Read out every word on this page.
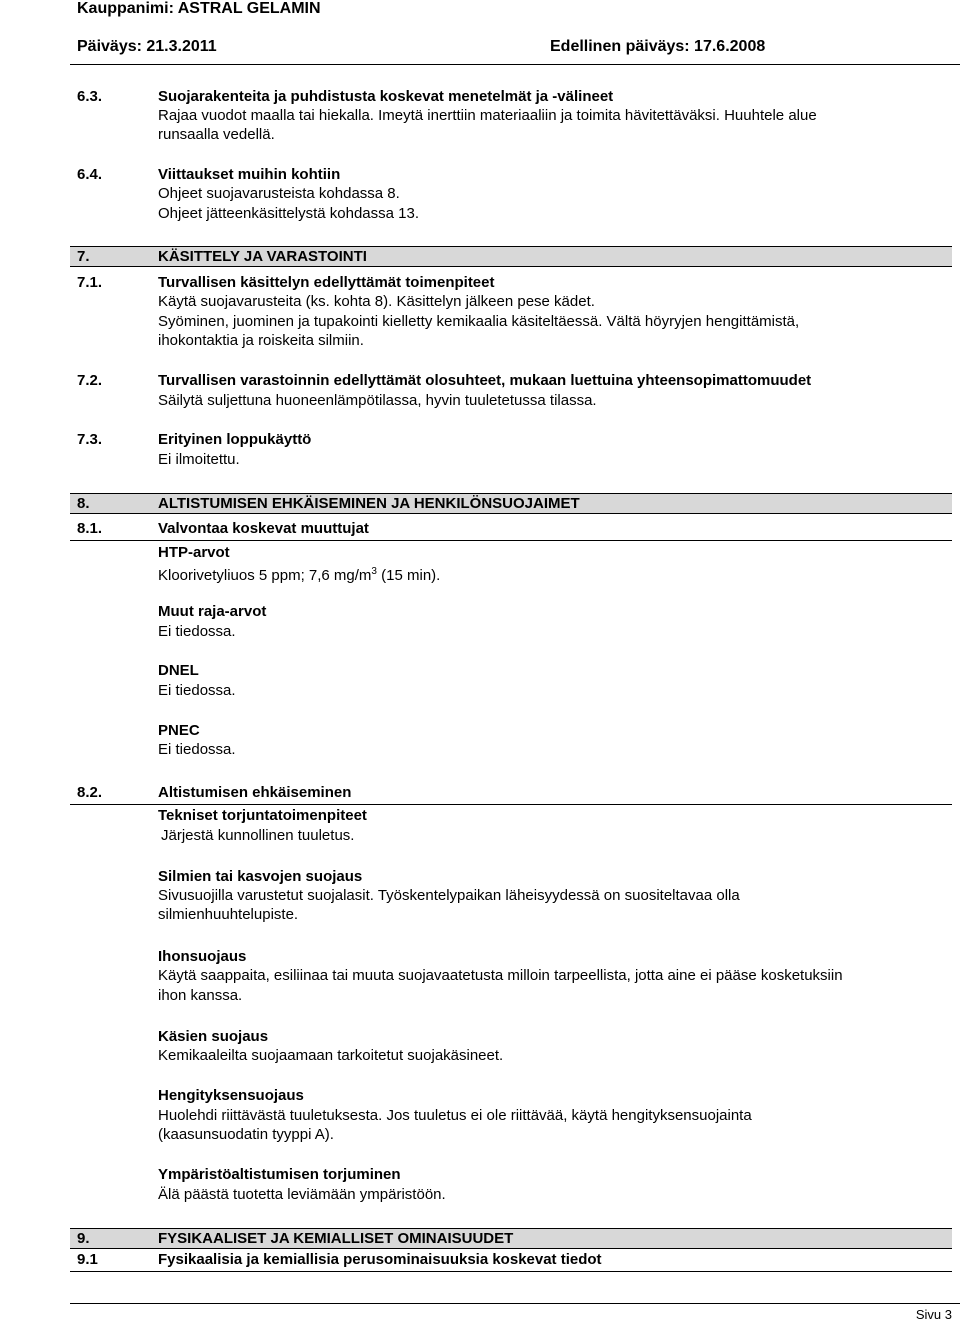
Kauppanimi: ASTRAL GELAMIN
Päiväys: 21.3.2011	Edellinen päiväys: 17.6.2008
6.3.	Suojarakenteita ja puhdistusta koskevat menetelmät ja -välineet
Rajaa vuodot maalla tai hiekalla. Imeytä inerttiin materiaaliin ja toimita hävitettäväksi. Huuhtele alue
runsaalla vedellä.
6.4.	Viittaukset muihin kohtiin
Ohjeet suojavarusteista kohdassa 8.
Ohjeet jätteenkäsittelystä kohdassa 13.
7.	KÄSITTELY JA VARASTOINTI
7.1.	Turvallisen käsittelyn edellyttämät toimenpiteet
Käytä suojavarusteita (ks. kohta 8). Käsittelyn jälkeen pese kädet.
Syöminen, juominen ja tupakointi kielletty kemikaalia käsiteltäessä. Vältä höyryjen hengittämistä,
ihokontaktia ja roiskeita silmiin.
7.2.	Turvallisen varastoinnin edellyttämät olosuhteet, mukaan luettuina yhteensopimattomuudet
Säilytä suljettuna huoneenlämpötilassa, hyvin tuuletetussa tilassa.
7.3.	Erityinen loppukäyttö
Ei ilmoitettu.
8.	ALTISTUMISEN EHKÄISEMINEN JA HENKILÖNSUOJAIMET
8.1.	Valvontaa koskevat muuttujat
HTP-arvot
Kloorivetyliuos 5 ppm; 7,6 $mg/m^3$ (15 min).
Muut raja-arvot
Ei tiedossa.
DNEL
Ei tiedossa.
PNEC
Ei tiedossa.
8.2.	Altistumisen ehkäiseminen
Tekniset torjuntatoimenpiteet
Järjestä kunnollinen tuuletus.
Silmien tai kasvojen suojaus
Sivusuojilla varustetut suojalasit. Työskentelypaikan läheisyydessä on suositeltavaa olla
silmienhuuhtelupiste.
Ihonsuojaus
Käytä saappaita, esiliinaa tai muuta suojavaatetusta milloin tarpeellista, jotta aine ei pääse kosketuksiin
ihon kanssa.
Käsien suojaus
Kemikaaleilta suojaamaan tarkoitetut suojakäsineet.
Hengityksensuojaus
Huolehdi riittävästä tuuletuksesta. Jos tuuletus ei ole riittävää, käytä hengityksensuojainta
(kaasunsuodatin tyyppi A).
Ympäristöaltistumisen torjuminen
Älä päästä tuotetta leviämään ympäristöön.
9.	FYSIKAALISET JA KEMIALLISET OMINAISUUDET
9.1	Fysikaalisia ja kemiallisia perusominaisuuksia koskevat tiedot
Sivu 3
